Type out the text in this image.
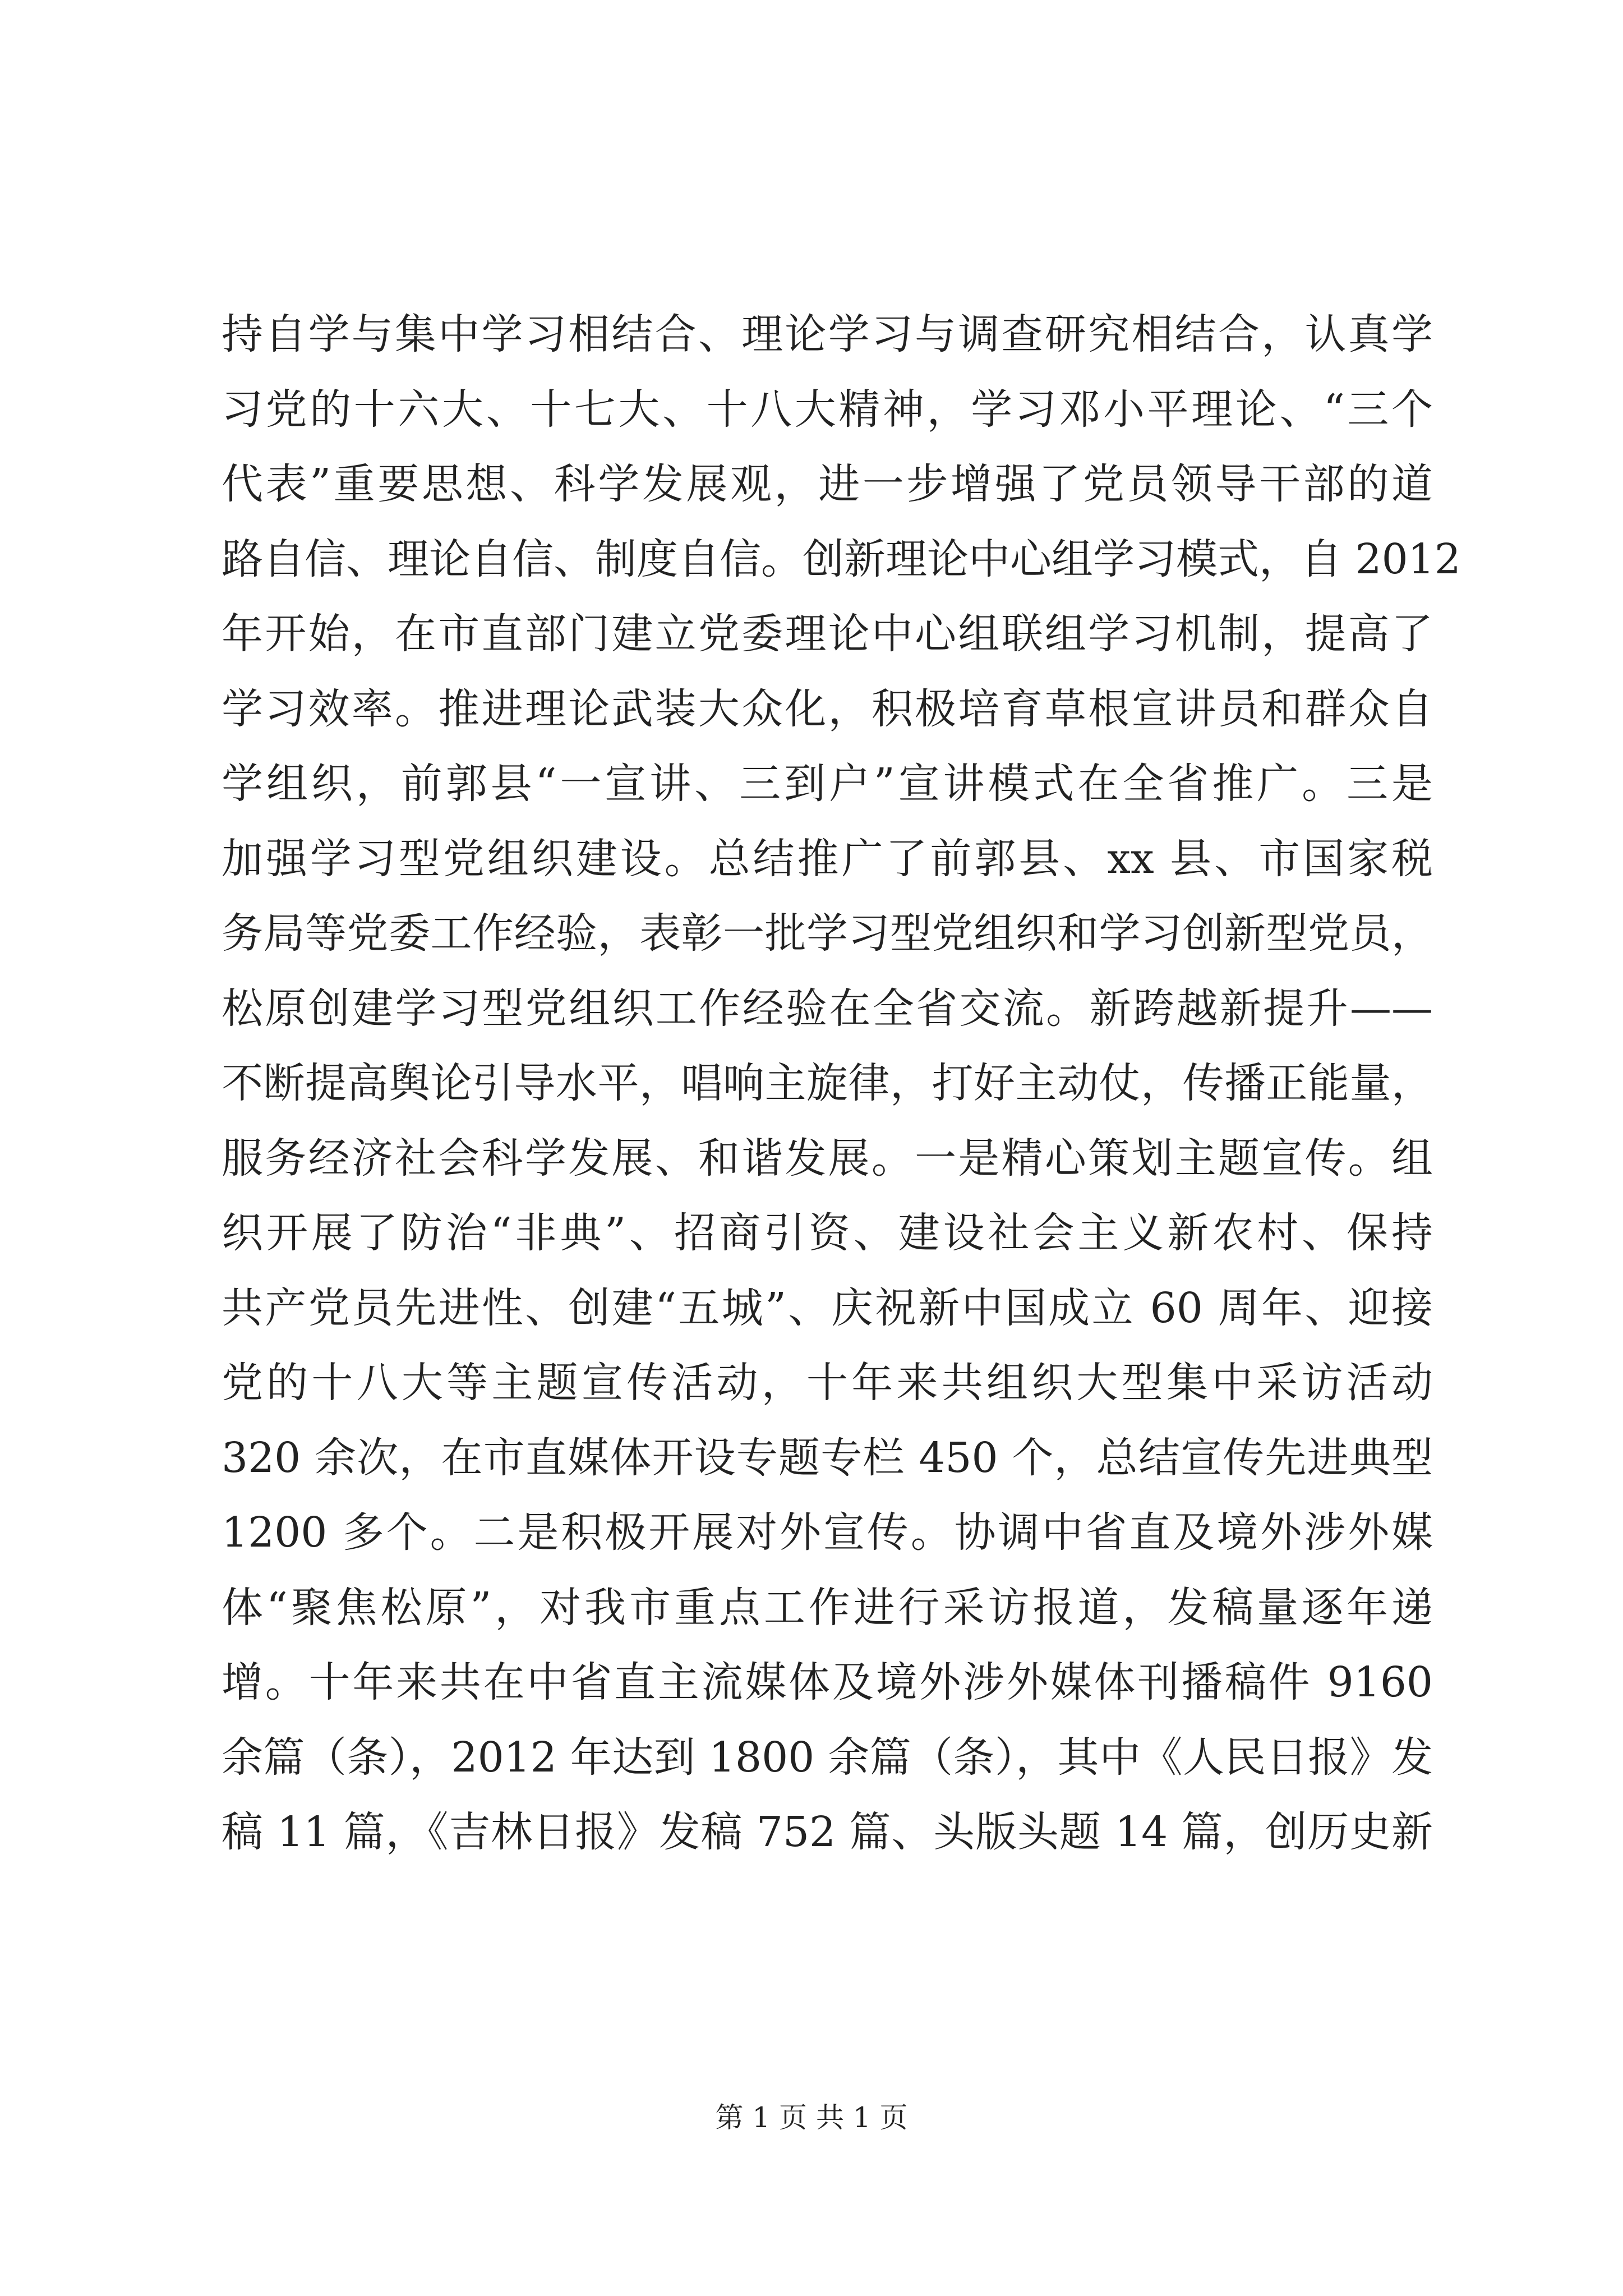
持自学与集中学习相结合、理论学习与调查研究相结合，认真学
习党的十六大、十七大、十八大精神，学习邓小平理论、“三个
代表”重要思想、科学发展观，进一步增强了党员领导干部的道
路自信、理论自信、制度自信。创新理论中心组学习模式，自 2012
年开始，在市直部门建立党委理论中心组联组学习机制，提高了
学习效率。推进理论武装大众化，积极培育草根宣讲员和群众自
学组织，前郭县“一宣讲、三到户”宣讲模式在全省推广。三是
加强学习型党组织建设。总结推广了前郭县、xx 县、市国家税
务局等党委工作经验，表彰一批学习型党组织和学习创新型党员，
松原创建学习型党组织工作经验在全省交流。新跨越新提升——
不断提高舆论引导水平，唱响主旋律，打好主动仗，传播正能量，
服务经济社会科学发展、和谐发展。一是精心策划主题宣传。组
织开展了防治“非典”、招商引资、建设社会主义新农村、保持
共产党员先进性、创建“五城”、庆祝新中国成立 60 周年、迎接
党的十八大等主题宣传活动，十年来共组织大型集中采访活动
320 余次，在市直媒体开设专题专栏 450 个，总结宣传先进典型
1200 多个。二是积极开展对外宣传。协调中省直及境外涉外媒
体“聚焦松原”，对我市重点工作进行采访报道，发稿量逐年递
增。十年来共在中省直主流媒体及境外涉外媒体刊播稿件 9160
余篇（条），2012 年达到 1800 余篇（条），其中《人民日报》发
稿 11 篇，《吉林日报》发稿 752 篇、头版头题 14 篇，创历史新
第 1 页 共 1 页
